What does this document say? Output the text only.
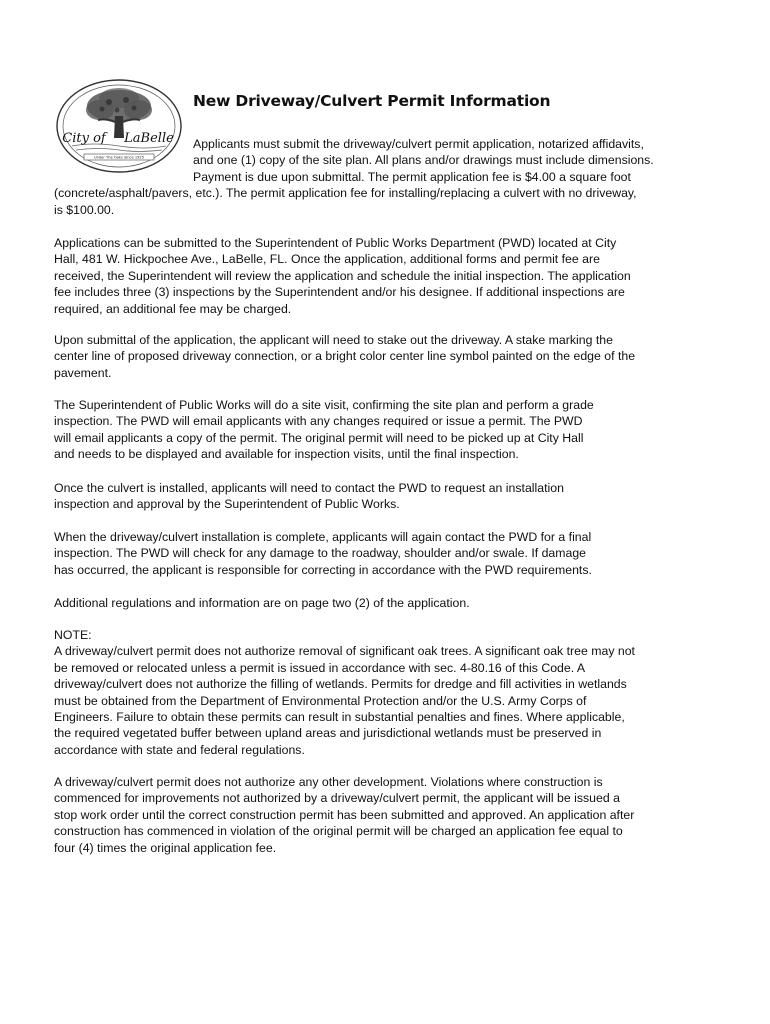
Under The Oaks Since 1925
City of LaBelle
New Driveway/Culvert Permit Information
Applicants must submit the driveway/culvert permit application, notarized affidavits,
and one (1) copy of the site plan. All plans and/or drawings must include dimensions.
Payment is due upon submittal. The permit application fee is $4.00 a square foot
(concrete/asphalt/pavers, etc.). The permit application fee for installing/replacing a culvert with no driveway,
is $100.00.
Applications can be submitted to the Superintendent of Public Works Department (PWD) located at City
Hall, 481 W. Hickpochee Ave., LaBelle, FL. Once the application, additional forms and permit fee are
received, the Superintendent will review the application and schedule the initial inspection. The application
fee includes three (3) inspections by the Superintendent and/or his designee. If additional inspections are
required, an additional fee may be charged.
Upon submittal of the application, the applicant will need to stake out the driveway. A stake marking the
center line of proposed driveway connection, or a bright color center line symbol painted on the edge of the
pavement.
The Superintendent of Public Works will do a site visit, confirming the site plan and perform a grade
inspection. The PWD will email applicants with any changes required or issue a permit. The PWD
will email applicants a copy of the permit. The original permit will need to be picked up at City Hall
and needs to be displayed and available for inspection visits, until the final inspection.
Once the culvert is installed, applicants will need to contact the PWD to request an installation
inspection and approval by the Superintendent of Public Works.
When the driveway/culvert installation is complete, applicants will again contact the PWD for a final
inspection. The PWD will check for any damage to the roadway, shoulder and/or swale. If damage
has occurred, the applicant is responsible for correcting in accordance with the PWD requirements.
Additional regulations and information are on page two (2) of the application.
NOTE:
A driveway/culvert permit does not authorize removal of significant oak trees. A significant oak tree may not
be removed or relocated unless a permit is issued in accordance with sec. 4-80.16 of this Code. A
driveway/culvert does not authorize the filling of wetlands. Permits for dredge and fill activities in wetlands
must be obtained from the Department of Environmental Protection and/or the U.S. Army Corps of
Engineers. Failure to obtain these permits can result in substantial penalties and fines. Where applicable,
the required vegetated buffer between upland areas and jurisdictional wetlands must be preserved in
accordance with state and federal regulations.
A driveway/culvert permit does not authorize any other development. Violations where construction is
commenced for improvements not authorized by a driveway/culvert permit, the applicant will be issued a
stop work order until the correct construction permit has been submitted and approved. An application after
construction has commenced in violation of the original permit will be charged an application fee equal to
four (4) times the original application fee.
